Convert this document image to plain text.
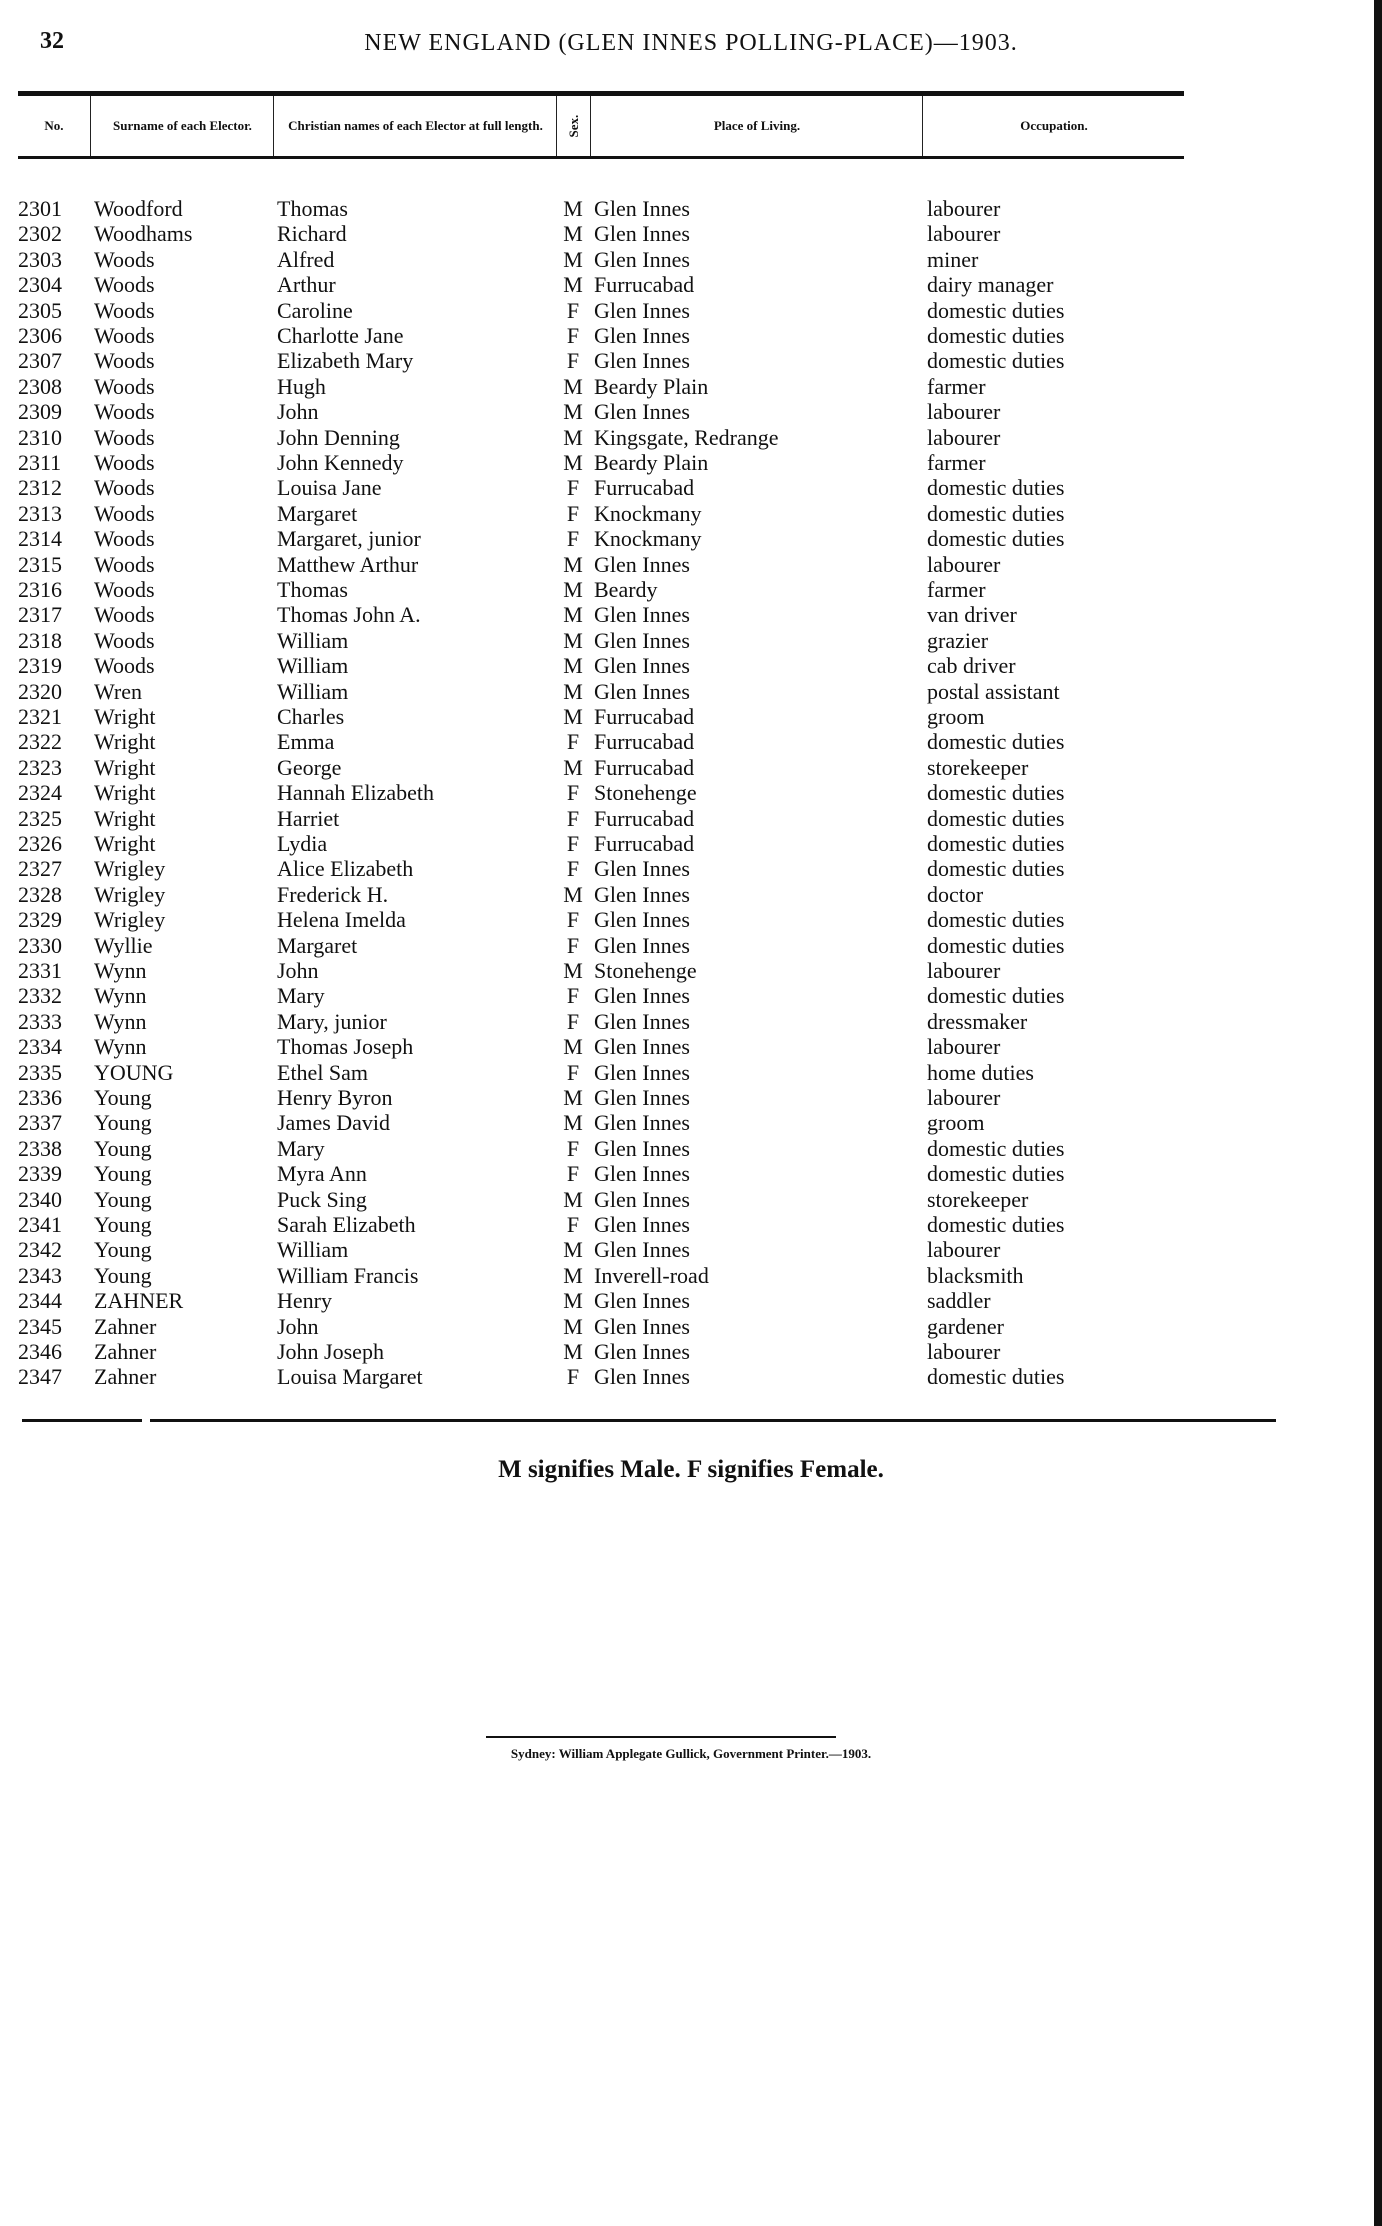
32	NEW ENGLAND (GLEN INNES POLLING-PLACE)—1903.
No.	Surname of each Elector.	Christian names of each Elector at full length.	Sex.	Place of Living.	Occupation.
2301 Woodford	Thomas	M Glen Innes	labourer
2302 Woodhams	Richard	M Glen Innes	labourer
2303 Woods	Alfred	M Glen Innes	miner
2304 Woods	Arthur	M Furrucabad	dairy manager
2305 Woods	Caroline	F Glen Innes	domestic duties
2306 Woods	Charlotte Jane	F Glen Innes	domestic duties
2307 Woods	Elizabeth Mary	F Glen Innes	domestic duties
2308 Woods	Hugh	M Beardy Plain	farmer
2309 Woods	John	M Glen Innes	labourer
2310 Woods	John Denning	M Kingsgate, Redrange	labourer
2311 Woods	John Kennedy	M Beardy Plain	farmer
2312 Woods	Louisa Jane	F Furrucabad	domestic duties
2313 Woods	Margaret	F Knockmany	domestic duties
2314 Woods	Margaret, junior	F Knockmany	domestic duties
2315 Woods	Matthew Arthur	M Glen Innes	labourer
2316 Woods	Thomas	M Beardy	farmer
2317 Woods	Thomas John A.	M Glen Innes	van driver
2318 Woods	William	M Glen Innes	grazier
2319 Woods	William	M Glen Innes	cab driver
2320 Wren	William	M Glen Innes	postal assistant
2321 Wright	Charles	M Furrucabad	groom
2322 Wright	Emma	F Furrucabad	domestic duties
2323 Wright	George	M Furrucabad	storekeeper
2324 Wright	Hannah Elizabeth	F Stonehenge	domestic duties
2325 Wright	Harriet	F Furrucabad	domestic duties
2326 Wright	Lydia	F Furrucabad	domestic duties
2327 Wrigley	Alice Elizabeth	F Glen Innes	domestic duties
2328 Wrigley	Frederick H.	M Glen Innes	doctor
2329 Wrigley	Helena Imelda	F Glen Innes	domestic duties
2330 Wyllie	Margaret	F Glen Innes	domestic duties
2331 Wynn	John	M Stonehenge	labourer
2332 Wynn	Mary	F Glen Innes	domestic duties
2333 Wynn	Mary, junior	F Glen Innes	dressmaker
2334 Wynn	Thomas Joseph	M Glen Innes	labourer
2335 YOUNG	Ethel Sam	F Glen Innes	home duties
2336 Young	Henry Byron	M Glen Innes	labourer
2337 Young	James David	M Glen Innes	groom
2338 Young	Mary	F Glen Innes	domestic duties
2339 Young	Myra Ann	F Glen Innes	domestic duties
2340 Young	Puck Sing	M Glen Innes	storekeeper
2341 Young	Sarah Elizabeth	F Glen Innes	domestic duties
2342 Young	William	M Glen Innes	labourer
2343 Young	William Francis	M Inverell-road	blacksmith
2344 ZAHNER	Henry	M Glen Innes	saddler
2345 Zahner	John	M Glen Innes	gardener
2346 Zahner	John Joseph	M Glen Innes	labourer
2347 Zahner	Louisa Margaret	F Glen Innes	domestic duties
M signifies Male. F signifies Female.
Sydney: William Applegate Gullick, Government Printer.—1903.
